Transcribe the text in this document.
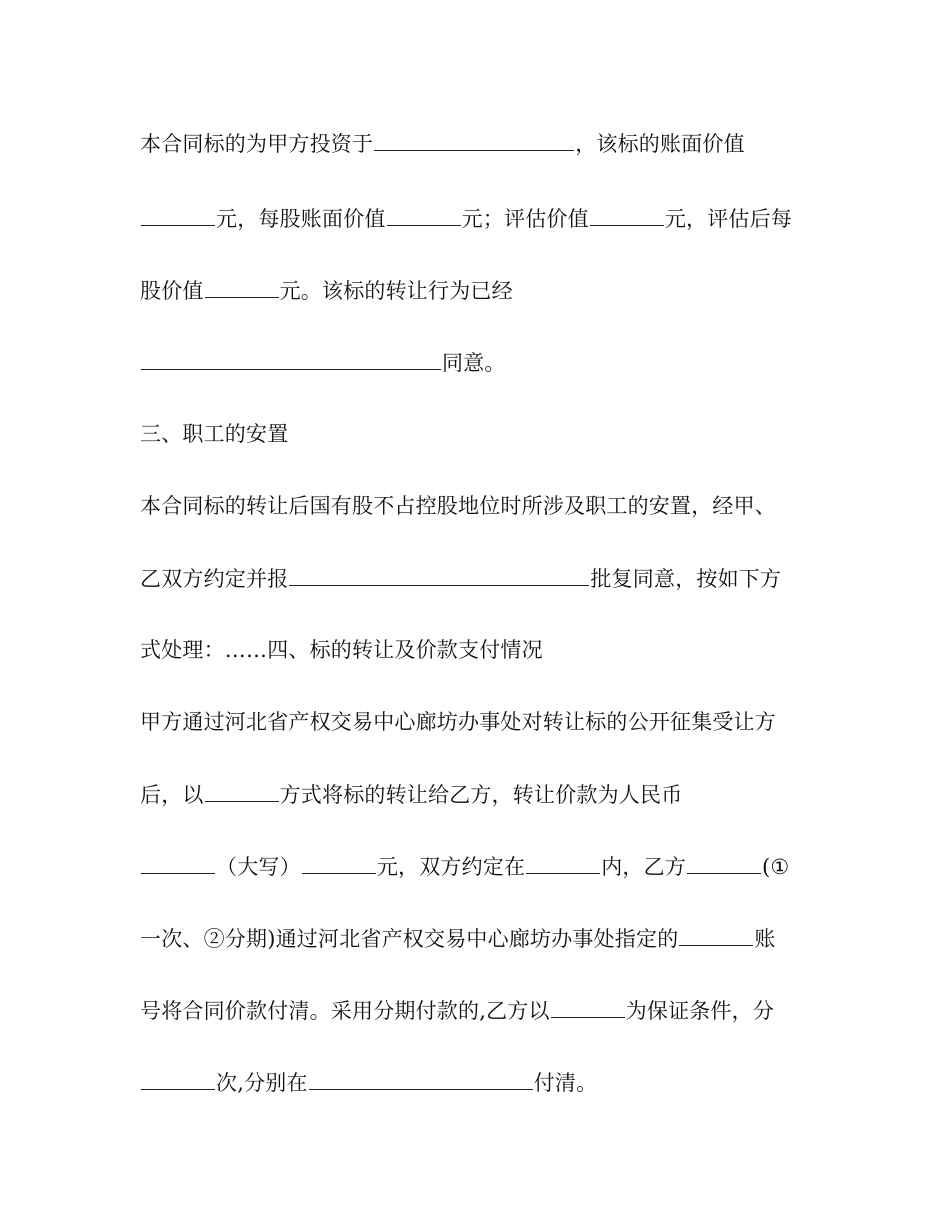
本合同标的为甲方投资于	，该标的账面价值
元，每股账面价值	元；评估价值	元，评估后每
股价值	元。该标的转让行为已经
同意。
三、职工的安置
本合同标的转让后国有股不占控股地位时所涉及职工的安置，经甲、
乙双方约定并报	批复同意，按如下方
式处理：……四、标的转让及价款支付情况
甲方通过河北省产权交易中心廊坊办事处对转让标的公开征集受让方
后，以	方式将标的转让给乙方，转让价款为人民币
（大写）	元，双方约定在	内，乙方	(①
一次、②分期)通过河北省产权交易中心廊坊办事处指定的	账
号将合同价款付清。采用分期付款的,乙方以	为保证条件，分
次,分别在	付清。
